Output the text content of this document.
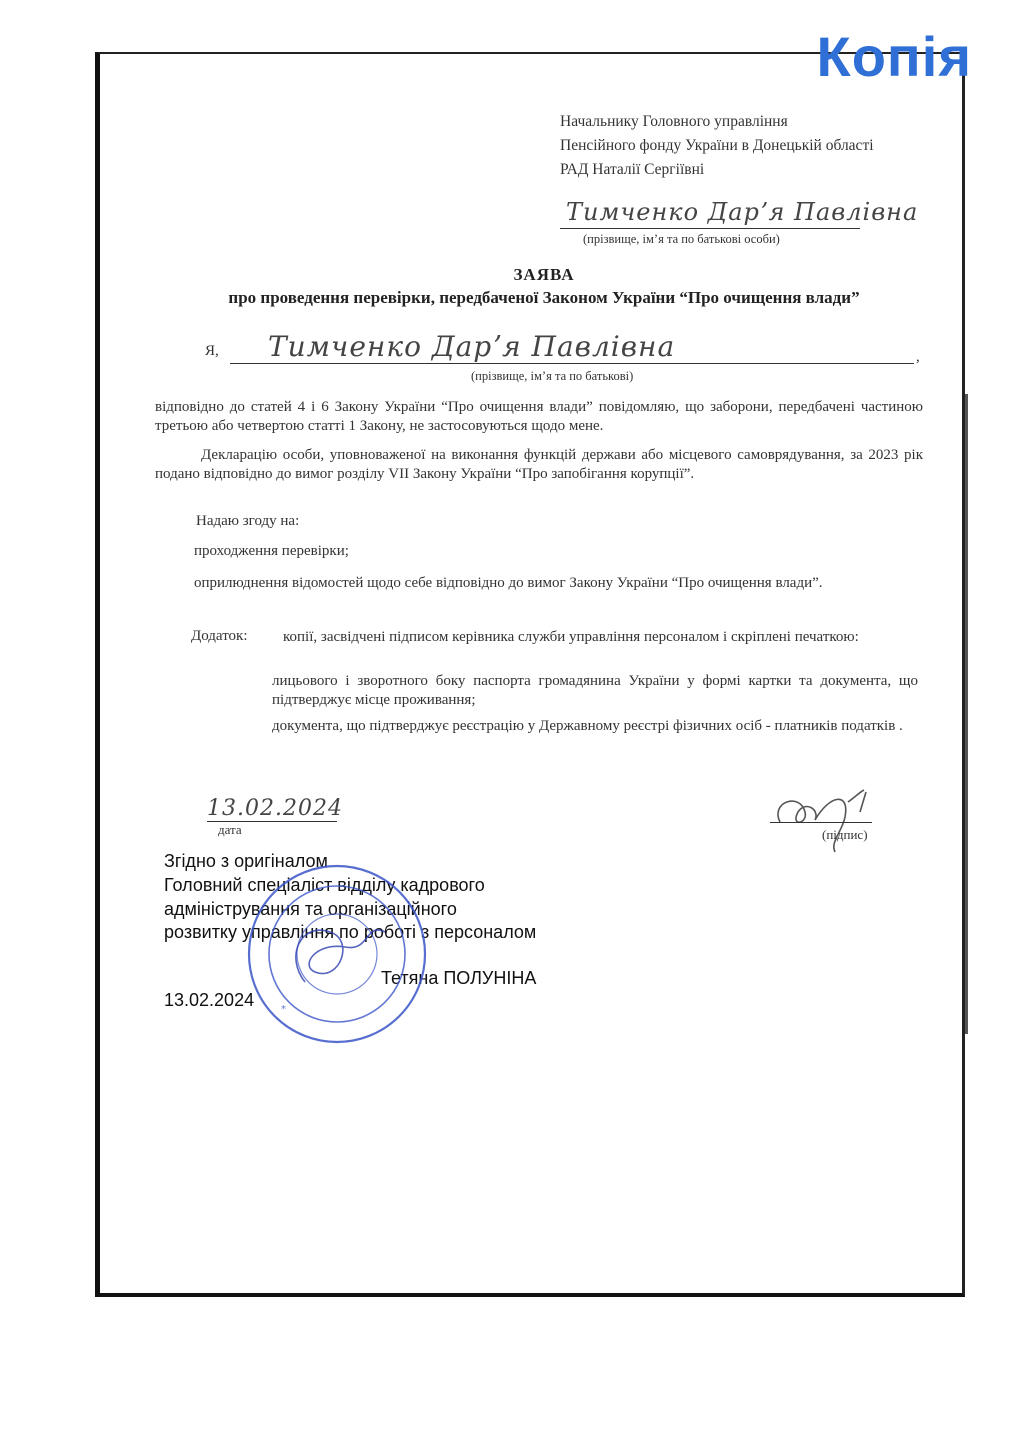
Копія
Начальнику Головного управління
Пенсійного фонду України в Донецькій області
РАД Наталії Сергіївні
Тимченко Дарʼя Павлівна
(прізвище, імʼя та по батькові особи)
ЗАЯВА
про проведення перевірки, передбаченої Законом України “Про очищення влади”
Я, Тимченко Дарʼя Павлівна	,
(прізвище, імʼя та по батькові)
відповідно до статей 4 і 6 Закону України “Про очищення влади” повідомляю, що заборони, передбачені частиною третьою або четвертою статті 1 Закону, не застосовуються щодо мене.
Декларацію особи, уповноваженої на виконання функцій держави або місцевого самоврядування, за 2023 рік подано відповідно до вимог розділу VII Закону України “Про запобігання корупції”.
Надаю згоду на:
проходження перевірки;
оприлюднення відомостей щодо себе відповідно до вимог Закону України “Про очищення влади”.
Додаток:	копії, засвідчені підписом керівника служби управління персоналом і скріплені печаткою:
лицьового і зворотного боку паспорта громадянина України у формі картки та документа, що підтверджує місце проживання;
документа, що підтверджує реєстрацію у Державному реєстрі фізичних осіб - платників податків .
13.02.2024
дата	(підпис)
Згідно з оригіналом
Головний спеціаліст відділу кадрового
адміністрування та організаційного
розвитку управління по роботі з персоналом
Тетяна ПОЛУНІНА
13.02.2024	*
